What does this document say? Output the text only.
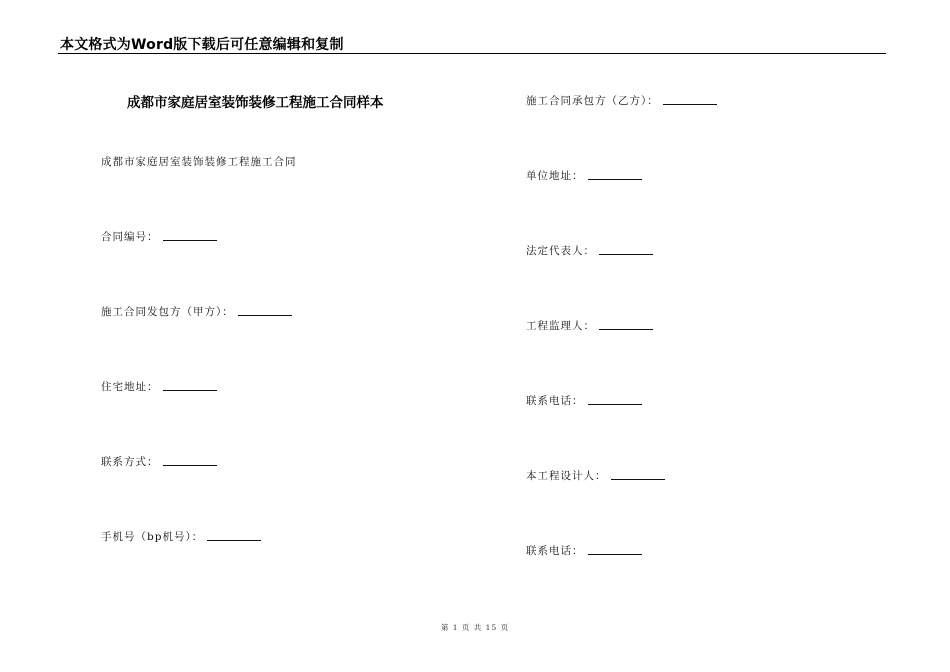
本文格式为Word版下载后可任意编辑和复制
成都市家庭居室装饰装修工程施工合同样本
成都市家庭居室装饰装修工程施工合同
合同编号：
施工合同发包方（甲方）：
住宅地址：
联系方式：
手机号（bp机号）：
施工合同承包方（乙方）：
单位地址：
法定代表人：
工程监理人：
联系电话：
本工程设计人：
联系电话：
第 1 页 共 15 页
